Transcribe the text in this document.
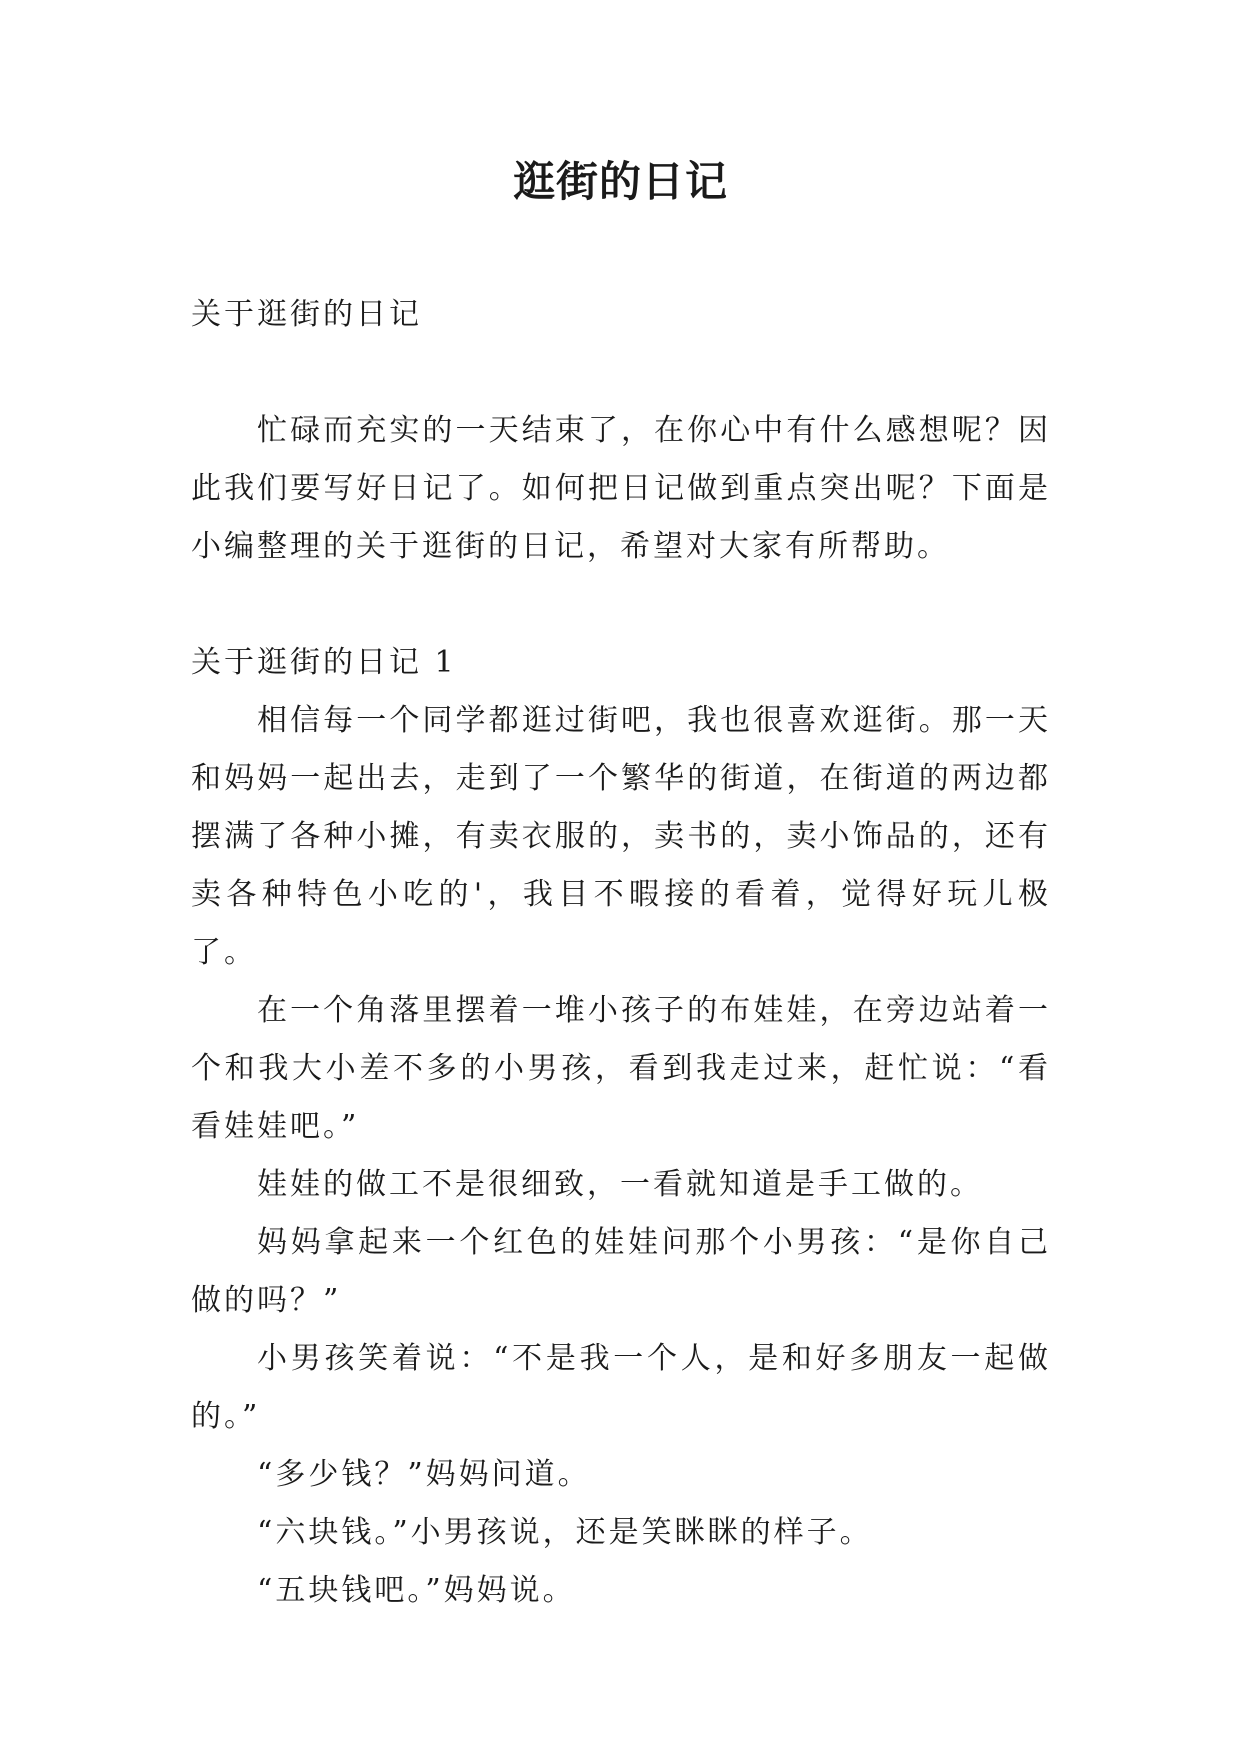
逛街的日记

关于逛街的日记

忙碌而充实的一天结束了，在你心中有什么感想呢？因此我们要写好日记了。如何把日记做到重点突出呢？下面是小编整理的关于逛街的日记，希望对大家有所帮助。

关于逛街的日记 1

相信每一个同学都逛过街吧，我也很喜欢逛街。那一天和妈妈一起出去，走到了一个繁华的街道，在街道的两边都摆满了各种小摊，有卖衣服的，卖书的，卖小饰品的，还有卖各种特色小吃的'，我目不暇接的看着，觉得好玩儿极了。

在一个角落里摆着一堆小孩子的布娃娃，在旁边站着一个和我大小差不多的小男孩，看到我走过来，赶忙说：“看看娃娃吧。”

娃娃的做工不是很细致，一看就知道是手工做的。

妈妈拿起来一个红色的娃娃问那个小男孩：“是你自己做的吗？”

小男孩笑着说：“不是我一个人，是和好多朋友一起做的。”

“多少钱？”妈妈问道。

“六块钱。”小男孩说，还是笑眯眯的样子。

“五块钱吧。”妈妈说。
